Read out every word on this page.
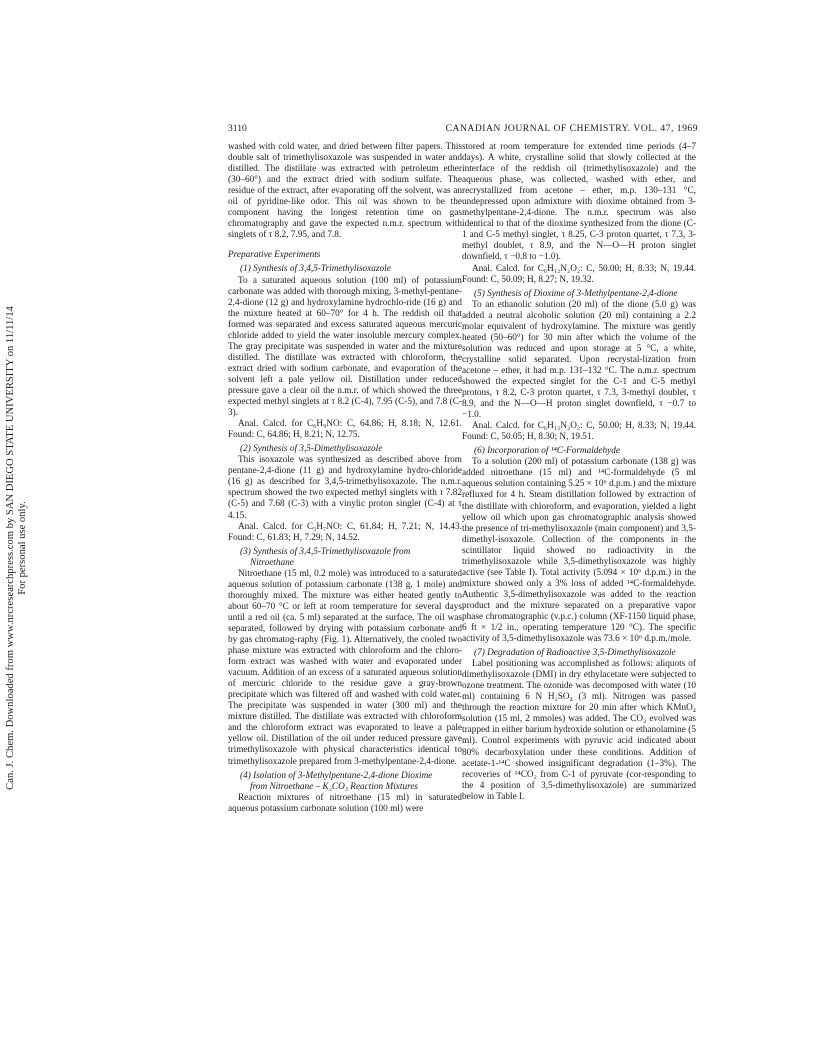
Can. J. Chem. Downloaded from www.nrcresearchpress.com by SAN DIEGO STATE UNIVERSITY on 11/11/14 For personal use only.
3110	CANADIAN JOURNAL OF CHEMISTRY. VOL. 47, 1969

washed with cold water, and dried between filter papers. This double salt of trimethylisoxazole was suspended in water and distilled. The distillate was extracted with petroleum ether (30–60°) and the extract dried with sodium sulfate. The residue of the extract, after evaporating off the solvent, was an oil of pyridine-like odor. This oil was shown to be the component having the longest retention time on gas chromatography and gave the expected n.m.r. spectrum with singlets of τ 8.2, 7.95, and 7.8.

Preparative Experiments
(1) Synthesis of 3,4,5-Trimethylisoxazole

To a saturated aqueous solution (100 ml) of potassium carbonate was added with thorough mixing, 3-methyl-pentane-2,4-dione (12 g) and hydroxylamine hydrochlo-ride (16 g) and the mixture heated at 60–70° for 4 h. The reddish oil that formed was separated and excess saturated aqueous mercuric chloride added to yield the water insoluble mercury complex. The gray precipitate was suspended in water and the mixture distilled. The distillate was extracted with chloroform, the extract dried with sodium carbonate, and evaporation of the solvent left a pale yellow oil. Distillation under reduced pressure gave a clear oil the n.m.r. of which showed the three expected methyl singlets at τ 8.2 (C-4), 7.95 (C-5), and 7.8 (C-3).

Anal. Calcd. for C₆H₉NO: C, 64.86; H, 8.18; N, 12.61. Found: C, 64.86; H, 8.21; N, 12.75.

(2) Synthesis of 3,5-Dimethylisoxazole

This isoxazole was synthesized as described above from pentane-2,4-dione (11 g) and hydroxylamine hydro-chloride (16 g) as described for 3,4,5-trimethylisoxazole. The n.m.r. spectrum showed the two expected methyl singlets with τ 7.82 (C-5) and 7.68 (C-3) with a vinylic proton singlet (C-4) at τ 4.15.

Anal. Calcd. for C₅H₇NO: C, 61.84; H, 7.21; N, 14.43. Found: C, 61.83; H, 7.29; N, 14.52.

(3) Synthesis of 3,4,5-Trimethylisoxazole from
Nitroethane

Nitroethane (15 ml, 0.2 mole) was introduced to a saturated aqueous solution of potassium carbonate (138 g, 1 mole) and thoroughly mixed. The mixture was either heated gently to about 60–70 °C or left at room temperature for several days until a red oil (ca. 5 ml) separated at the surface. The oil was separated, followed by drying with potassium carbonate and by gas chromatog-raphy (Fig. 1). Alternatively, the cooled two phase mixture was extracted with chloroform and the chloro-form extract was washed with water and evaporated under vacuum. Addition of an excess of a saturated aqueous solution of mercuric chloride to the residue gave a gray-brown precipitate which was filtered off and washed with cold water. The precipitate was suspended in water (300 ml) and the mixture distilled. The distillate was extracted with chloroform and the chloroform extract was evaporated to leave a pale yellow oil. Distillation of the oil under reduced pressure gave trimethylisoxazole with physical characteristics identical to trimethylisoxazole prepared from 3-methylpentane-2,4-dione.

(4) Isolation of 3-Methylpentane-2,4-dione Dioxime
from Nitroethane – K₂CO₃ Reaction Mixtures

Reaction mixtures of nitroethane (15 ml) in saturated aqueous potassium carbonate solution (100 ml) were

stored at room temperature for extended time periods (4–7 days). A white, crystalline solid that slowly collected at the interface of the reddish oil (trimethylisoxazole) and the aqueous phase, was collected, washed with ether, and recrystallized from acetone – ether, m.p. 130–131 °C, undepressed upon admixture with dioxime obtained from 3-methylpentane-2,4-dione. The n.m.r. spectrum was also identical to that of the dioxime synthesized from the dione (C-1 and C-5 methyl singlet, τ 8.25, C-3 proton quartet, τ 7.3, 3-methyl doublet, τ 8.9, and the N—O—H proton singlet downfield, τ −0.8 to −1.0).

Anal. Calcd. for C₆H₁₂N₂O₂: C, 50.00; H, 8.33; N, 19.44. Found: C, 50.09; H, 8.27; N, 19.32.

(5) Synthesis of Dioxime of 3-Methylpentane-2,4-dione

To an ethanolic solution (20 ml) of the dione (5.0 g) was added a neutral alcoholic solution (20 ml) containing a 2.2 molar equivalent of hydroxylamine. The mixture was gently heated (50–60°) for 30 min after which the volume of the solution was reduced and upon storage at 5 °C, a white, crystalline solid separated. Upon recrystal-lization from acetone – ether, it had m.p. 131–132 °C. The n.m.r. spectrum showed the expected singlet for the C-1 and C-5 methyl protons, τ 8.2, C-3 proton quartet, τ 7.3, 3-methyl doublet, τ 8.9, and the N—O—H proton singlet downfield, τ −0.7 to −1.0.

Anal. Calcd. for C₆H₁₂N₂O₂: C, 50.00; H, 8.33; N, 19.44. Found: C, 50.05; H, 8.30; N, 19.51.

(6) Incorporation of ¹⁴C-Formaldehyde

To a solution (200 ml) of potassium carbonate (138 g) was added nitroethane (15 ml) and ¹⁴C-formaldehyde (5 ml aqueous solution containing 5.25 × 10⁶ d.p.m.) and the mixture refluxed for 4 h. Steam distillation followed by extraction of the distillate with chloroform, and evaporation, yielded a light yellow oil which upon gas chromatographic analysis showed the presence of tri-methylisoxazole (main component) and 3,5-dimethyl-isoxazole. Collection of the components in the scintillator liquid showed no radioactivity in the trimethylisoxazole while 3,5-dimethylisoxazole was highly active (see Table I). Total activity (5.094 × 10⁶ d.p.m.) in the mixture showed only a 3% loss of added ¹⁴C-formaldehyde. Authentic 3,5-dimethylisoxazole was added to the reaction product and the mixture separated on a preparative vapor phase chromatographic (v.p.c.) column (XF-1150 liquid phase, 6 ft × 1/2 in., operating temperature 120 °C). The specific activity of 3,5-dimethylisoxazole was 73.6 × 10⁶ d.p.m./mole.

(7) Degradation of Radioactive 3,5-Dimethylisoxazole

Label positioning was accomplished as follows: aliquots of dimethylisoxazole (DMI) in dry ethylacetate were subjected to ozone treatment. The ozonide was decomposed with water (10 ml) containing 6 N H₂SO₄ (3 ml). Nitrogen was passed through the reaction mixture for 20 min after which KMnO₄ solution (15 ml, 2 mmoles) was added. The CO₂ evolved was trapped in either barium hydroxide solution or ethanolamine (5 ml). Control experiments with pyruvic acid indicated about 80% decarboxylation under these conditions. Addition of acetate-1-¹⁴C showed insignificant degradation (1–3%). The recoveries of ¹⁴CO₂ from C-1 of pyruvate (cor-responding to the 4 position of 3,5-dimethylisoxazole) are summarized below in Table I.
